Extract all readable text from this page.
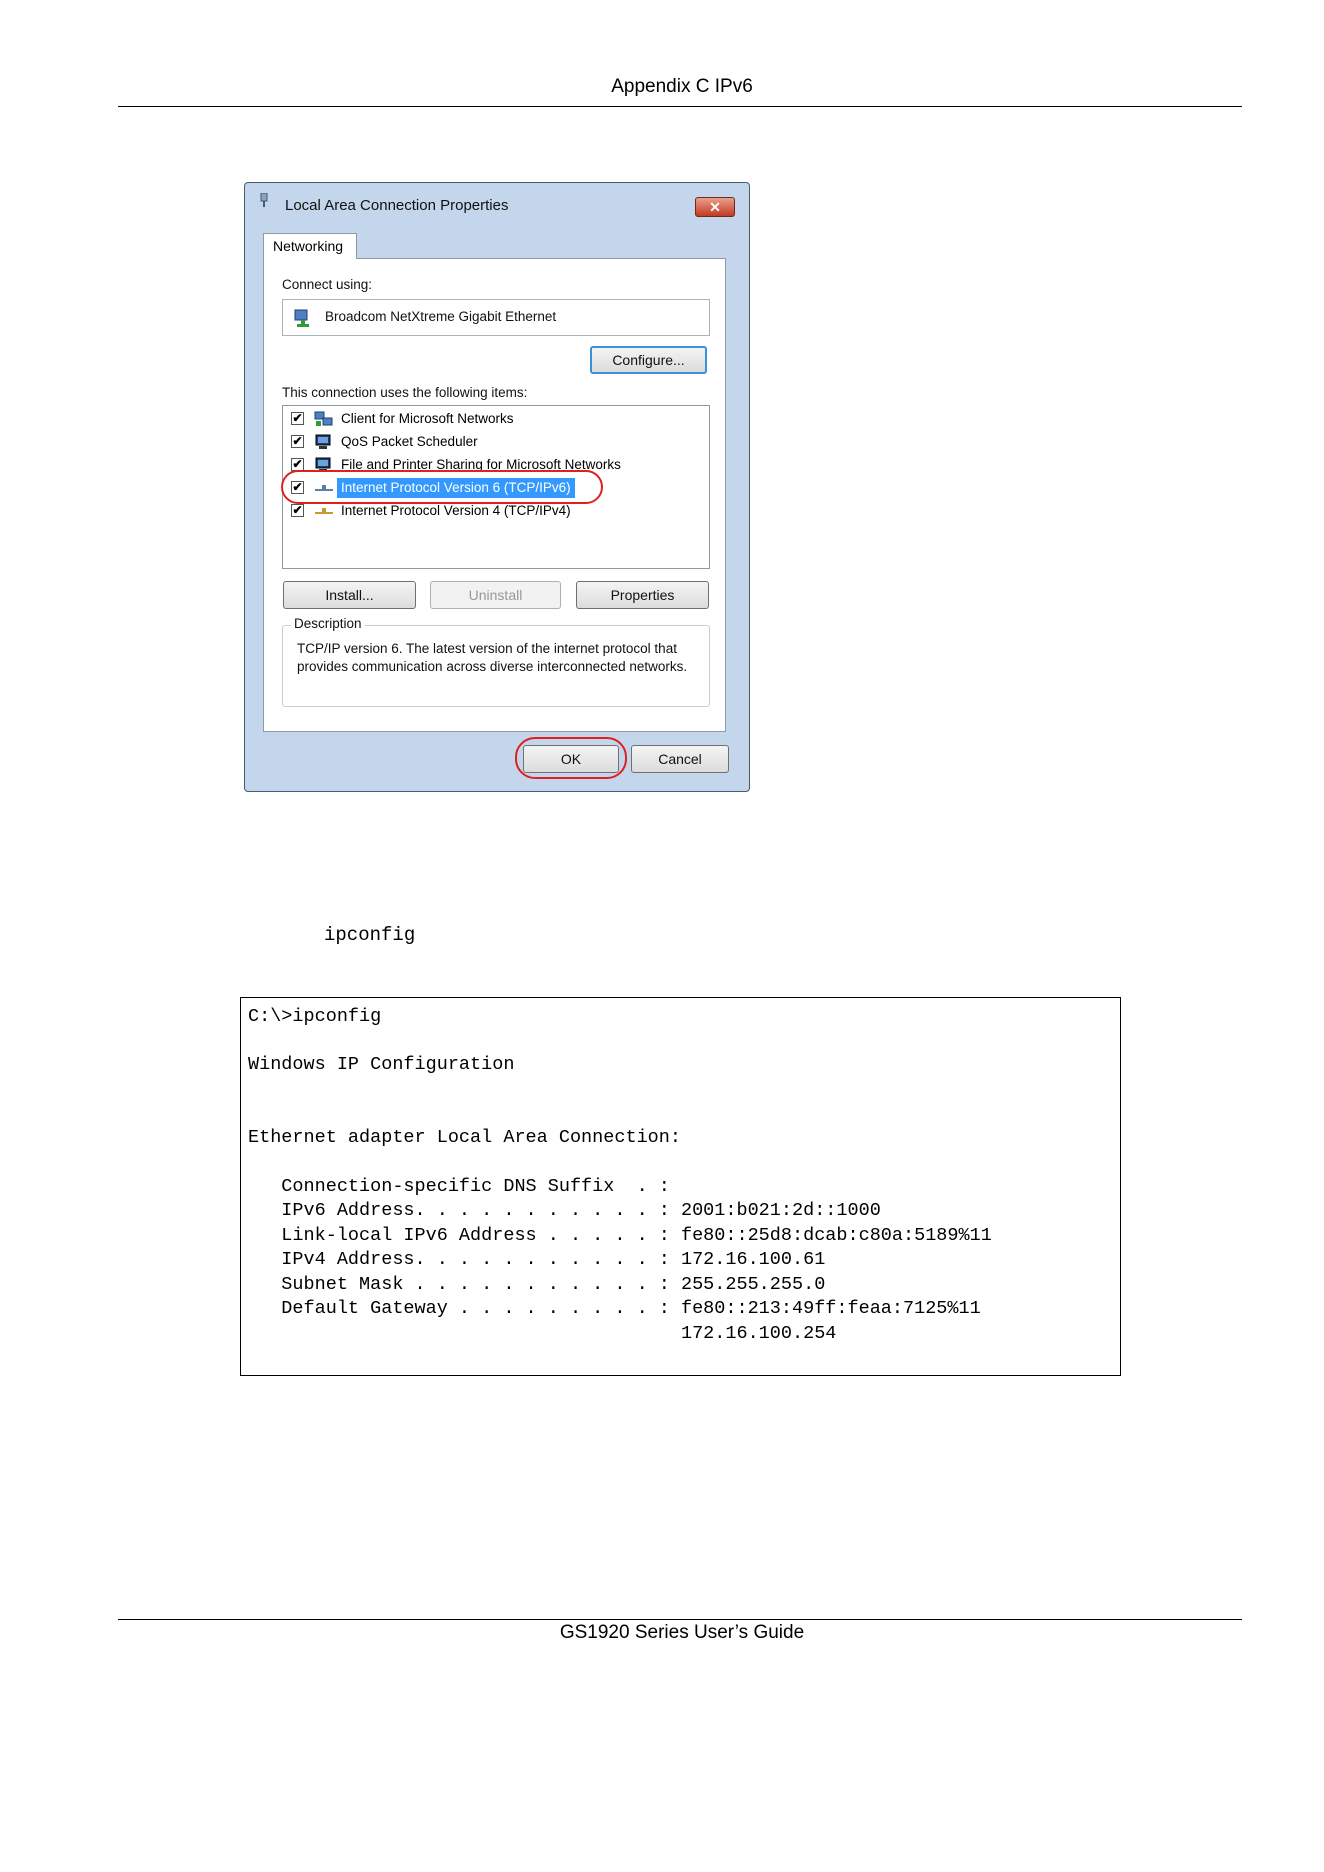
Appendix C IPv6
Local Area Connection Properties	✕
Networking
Connect using:
Broadcom NetXtreme Gigabit Ethernet
Configure...
This connection uses the following items:
✔	Client for Microsoft Networks
✔	QoS Packet Scheduler
✔	File and Printer Sharing for Microsoft Networks
✔	Internet Protocol Version 6 (TCP/IPv6)
✔	Internet Protocol Version 4 (TCP/IPv4)
Install...	Uninstall	Properties
Description
TCP/IP version 6. The latest version of the internet protocol that provides communication across diverse interconnected networks.
OK	Cancel
ipconfig
C:\>ipconfig
Windows IP Configuration
Ethernet adapter Local Area Connection:
Connection-specific DNS Suffix  . :
IPv6 Address. . . . . . . . . . . : 2001:b021:2d::1000
Link-local IPv6 Address . . . . . : fe80::25d8:dcab:c80a:5189%11
IPv4 Address. . . . . . . . . . . : 172.16.100.61
Subnet Mask . . . . . . . . . . . : 255.255.255.0
Default Gateway . . . . . . . . . : fe80::213:49ff:feaa:7125%11
172.16.100.254
GS1920 Series User’s Guide
